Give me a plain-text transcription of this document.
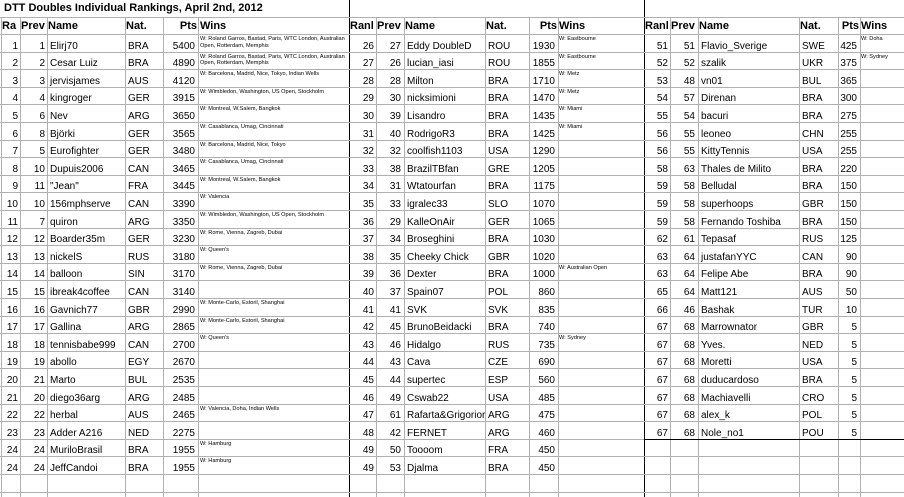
DTT Doubles Individual Rankings, April 2nd, 2012
Ra Prev Name	Nat.	Pts Wins
1	1 Elirj70	BRA	5400
W: Roland Garros, Bastad, Paris, WTC London, Australian Open, Rotterdam, Memphis
2	2 Cesar Luiz	BRA	4890
W: Roland Garros, Bastad, Paris, WTC London, Australian Open, Rotterdam, Memphis
3	3 jervisjames	AUS	4120
W: Barcelona, Madrid, Nice, Tokyo, Indian Wells
4	4 kingroger	GER	3915
W: Wimbledon, Washington, US Open, Stockholm
5	6 Nev	ARG	3650
W: Montreal, W.Salem, Bangkok
6	8 Björki	GER	3565
W: Casablanca, Umag, Cincinnati
7	5 Eurofighter	GER	3480
W: Barcelona, Madrid, Nice, Tokyo
8	10 Dupuis2006	CAN	3465
W: Casablanca, Umag, Cincinnati
9	11 "Jean"	FRA	3445
W: Montreal, W.Salem, Bangkok
10	10 156mphserve	CAN	3390
W: Valencia
11	7 quiron	ARG	3350
W: Wimbledon, Washington, US Open, Stockholm
12	12 Boarder35m	GER	3230
W: Rome, Vienna, Zagreb, Dubai
13	13 nickelS	RUS	3180
W: Queen's
14	14 balloon	SIN	3170
W: Rome, Vienna, Zagreb, Dubai
15	15 ibreak4coffee	CAN	3140
16	16 Gavnich77	GBR	2990
W: Monte-Carlo, Estoril, Shanghai
17	17 Gallina	ARG	2865
W: Monte-Carlo, Estoril, Shanghai
18	18 tennisbabe999	CAN	2700
W: Queen's
19	19 abollo	EGY	2670
20	21 Marto	BUL	2535
21	20 diego36arg	ARG	2485
22	22 herbal	AUS	2465
W: Valencia, Doha, Indian Wells
23	23 Adder A216	NED	2275
24	24 MuriloBrasil	BRA	1955
W: Hamburg
24	24 JeffCandoi	BRA	1955
W: Hamburg
Ranl Prev Name	Nat.	Pts Wins
26	27 Eddy DoubleD	ROU	1930
W: Eastbourne
27	26 lucian_iasi	ROU	1855
W: Eastbourne
28	28 Milton	BRA	1710
W: Metz
29	30 nicksimioni	BRA	1470
W: Metz
30	39 Lisandro	BRA	1435
W: Miami
31	40 RodrigoR3	BRA	1425
W: Miami
32	32 coolfish1103	USA	1290
33	38 BrazilTBfan	GRE	1205
34	31 Wtatourfan	BRA	1175
35	33 igralec33	SLO	1070
36	29 KalleOnAir	GER	1065
37	34 Broseghini	BRA	1030
38	35 Cheeky Chick	GBR	1020
39	36 Dexter	BRA	1000
W: Australian Open
40	37 Spain07	POL	860
41	41 SVK	SVK	835
42	45 BrunoBeidacki	BRA	740
43	46 Hidalgo	RUS	735
W: Sydney
44	43 Cava	CZE	690
45	44 supertec	ESP	560
46	49 Cswab22	USA	485
47	61 Rafarta&Grigorior ARG	475
48	42 FERNET	ARG	460
49	50 Toooom	FRA	450
49	53 Djalma	BRA	450
Ranl Prev Name	Nat.	Pts Wins
51	51 Flavio_Sverige	SWE	425
W: Doha
52	52 szalik	UKR	375
W: Sydney
53	48 vn01	BUL	365
54	57 Direnan	BRA	300
55	54 bacuri	BRA	275
56	55 leoneo	CHN	255
56	55 KittyTennis	USA	255
58	63 Thales de Milito	BRA	220
59	58 Belludal	BRA	150
59	58 superhoops	GBR	150
59	58 Fernando Toshiba	BRA	150
62	61 Tepasaf	RUS	125
63	64 justafanYYC	CAN	90
63	64 Felipe Abe	BRA	90
65	64 Matt121	AUS	50
66	46 Bashak	TUR	10
67	68 Marrownator	GBR	5
67	68 Yves.	NED	5
67	68 Moretti	USA	5
67	68 duducardoso	BRA	5
67	68 Machiavelli	CRO	5
67	68 alex_k	POL	5
67	68 Nole_no1	POU	5
